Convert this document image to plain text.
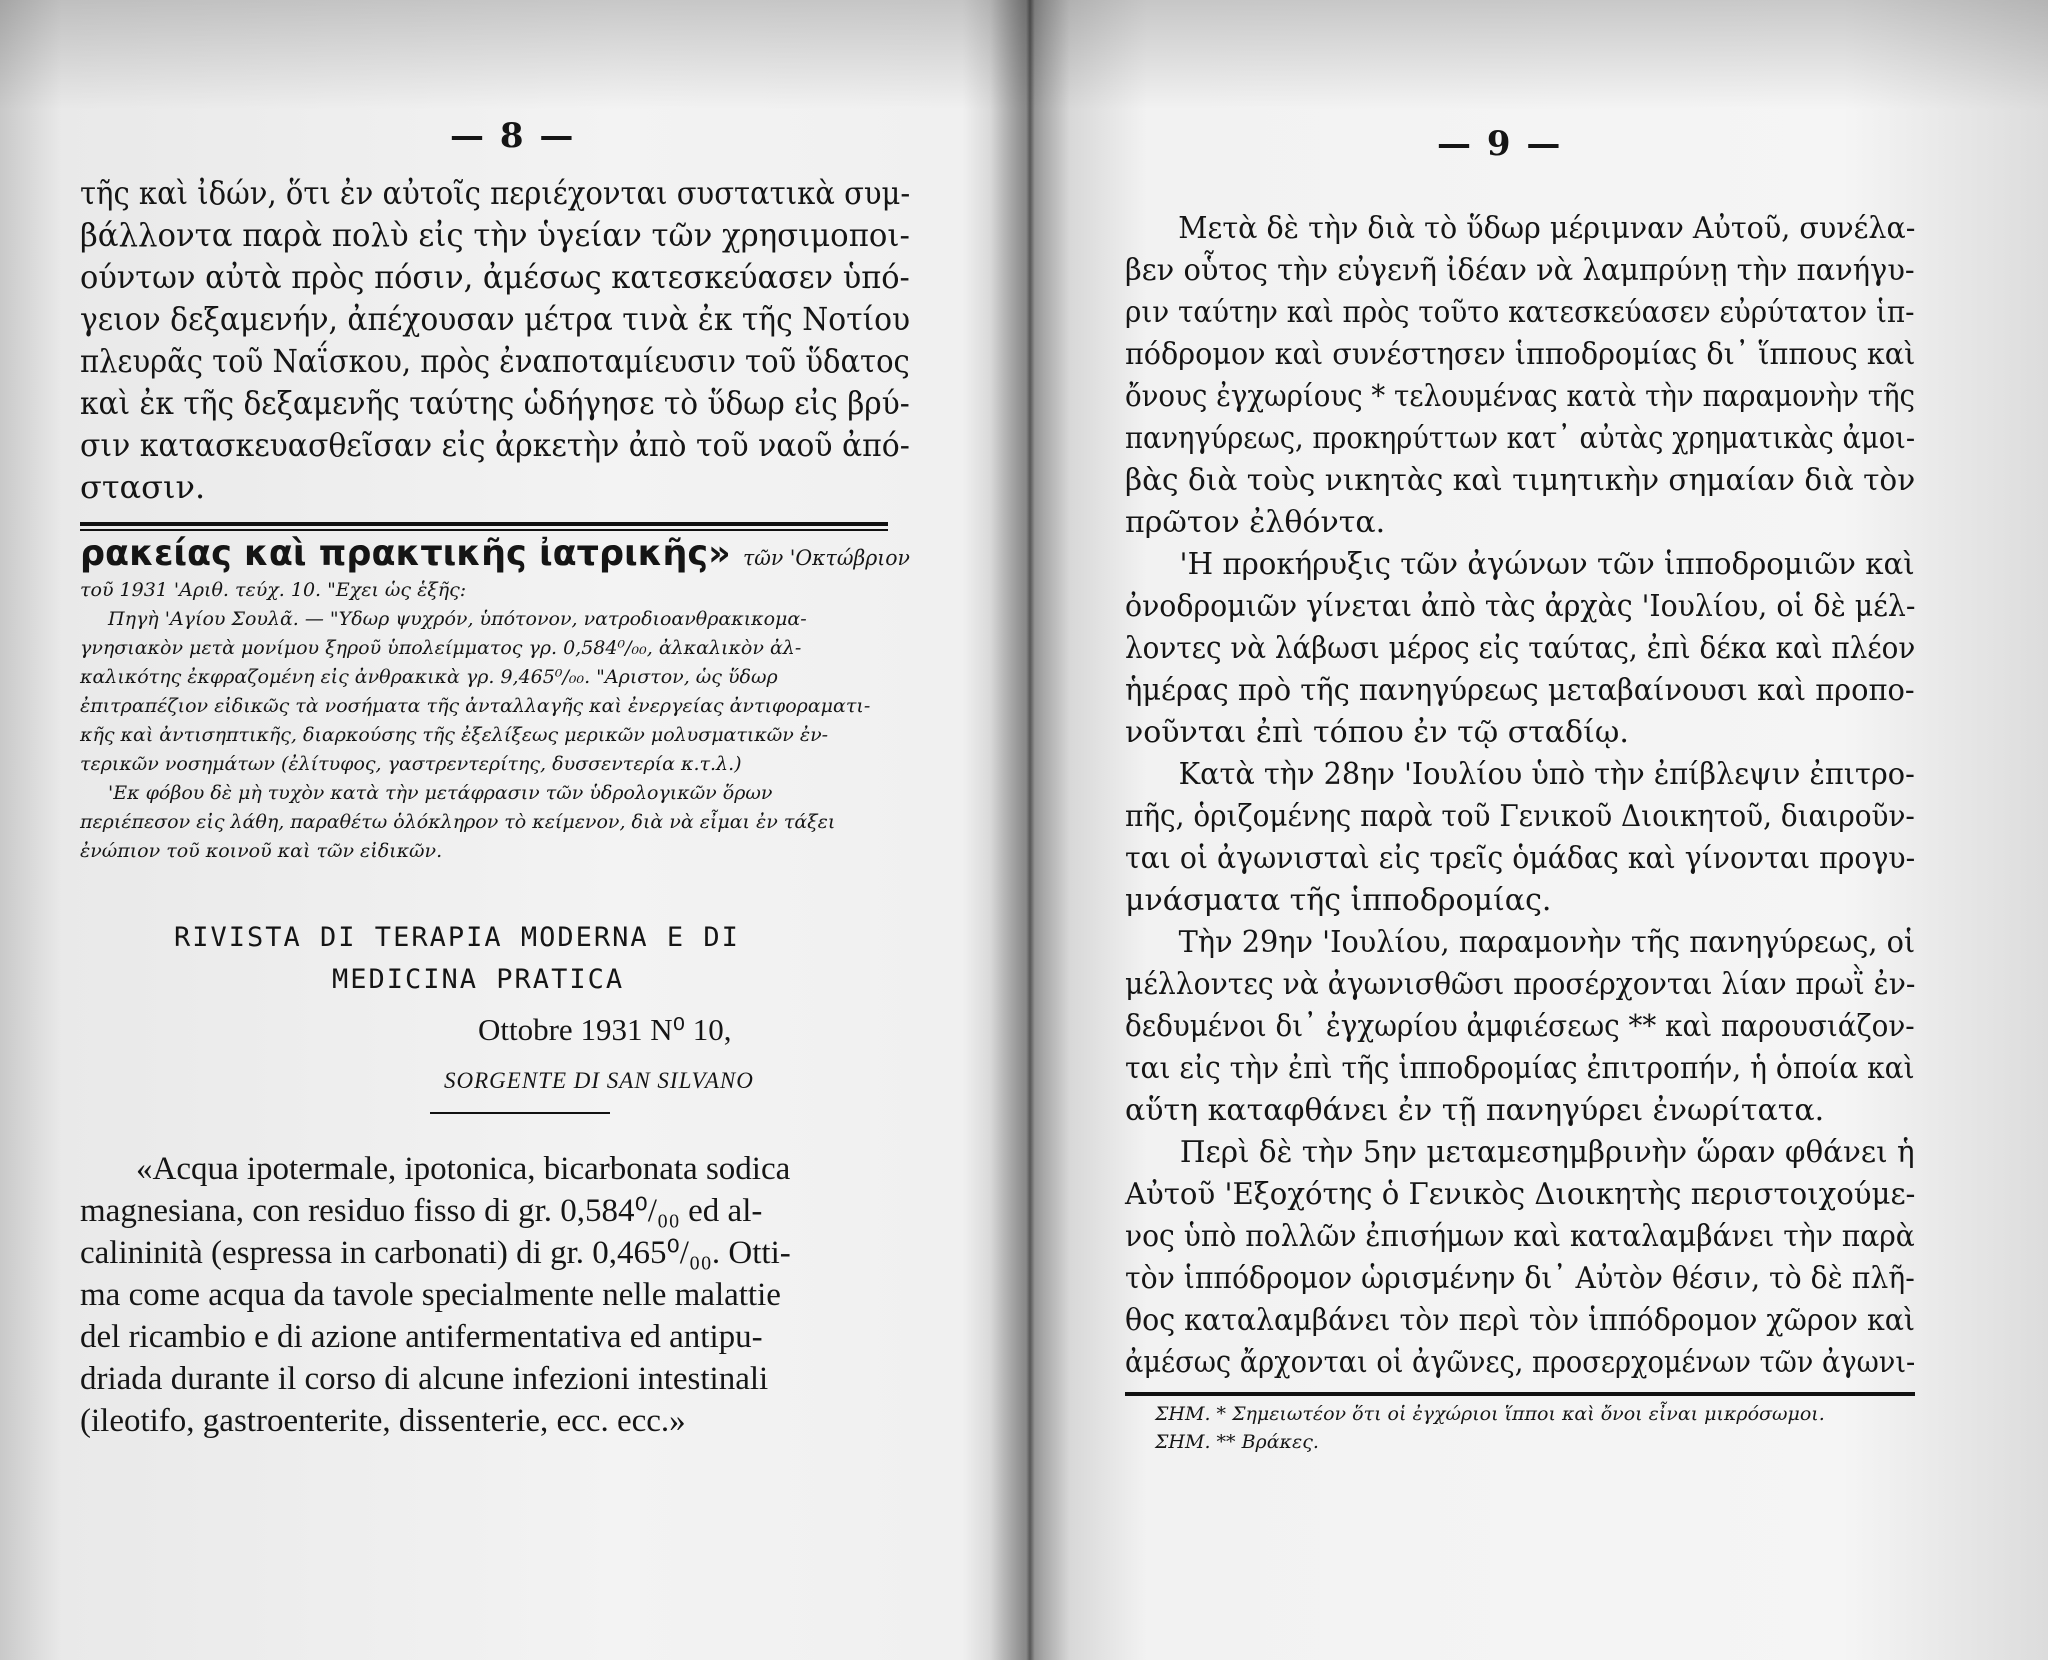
— 8 —
τῆς καὶ ἰδών, ὅτι ἐν αὐτοῖς περιέχονται συστατικὰ συμ-
βάλλοντα παρὰ πολὺ εἰς τὴν ὑγείαν τῶν χρησιμοποι-
ούντων αὐτὰ πρὸς πόσιν, ἀμέσως κατεσκεύασεν ὑπό-
γειον δεξαμενήν, ἀπέχουσαν μέτρα τινὰ ἐκ τῆς Νοτίου
πλευρᾶς τοῦ Ναΐσκου, πρὸς ἐναποταμίευσιν τοῦ ὕδατος
καὶ ἐκ τῆς δεξαμενῆς ταύτης ὡδήγησε τὸ ὕδωρ εἰς βρύ-
σιν κατασκευασθεῖσαν εἰς ἀρκετὴν ἀπὸ τοῦ ναοῦ ἀπό-
στασιν.
ρακείας καὶ πρακτικῆς ἰατρικῆς» τῶν 'Οκτώβριον
τοῦ 1931 'Αριθ. τεύχ. 10. "Εχει ὡς ἑξῆς:
Πηγὴ 'Αγίου Σουλᾶ. — "Υδωρ ψυχρόν, ὑπότονον, νατροδιοανθρακικομα-
γνησιακὸν μετὰ μονίμου ξηροῦ ὑπολείμματος γρ. 0,584⁰/₀₀, ἀλκαλικὸν ἀλ-
καλικότης ἐκφραζομένη εἰς ἀνθρακικὰ γρ. 9,465⁰/₀₀. "Αριστον, ὡς ὕδωρ
ἐπιτραπέζιον εἰδικῶς τὰ νοσήματα τῆς ἀνταλλαγῆς καὶ ἐνεργείας ἀντιφοραματι-
κῆς καὶ ἀντισηπτικῆς, διαρκούσης τῆς ἐξελίξεως μερικῶν μολυσματικῶν ἐν-
τερικῶν νοσημάτων (ἐλίτυφος, γαστρεντερίτης, δυσσεντερία κ.τ.λ.)
'Εκ φόβου δὲ μὴ τυχὸν κατὰ τὴν μετάφρασιν τῶν ὑδρολογικῶν ὅρων
περιέπεσον εἰς λάθη, παραθέτω ὁλόκληρον τὸ κείμενον, διὰ νὰ εἶμαι ἐν τάξει
ἐνώπιον τοῦ κοινοῦ καὶ τῶν εἰδικῶν.
RIVISTA DI TERAPIA MODERNA E DI
MEDICINA PRATICA
Ottobre 1931 N⁰ 10,
SORGENTE DI SAN SILVANO
«Acqua ipotermale, ipotonica, bicarbonata sodica
magnesiana, con residuo fisso di gr. 0,584⁰/₀₀ ed al-
calininità (espressa in carbonati) di gr. 0,465⁰/₀₀. Otti-
ma come acqua da tavole specialmente nelle malattie
del ricambio e di azione antifermentativa ed antipu-
driada durante il corso di alcune infezioni intestinali
(ileotifo, gastroenterite, dissenterie, ecc. ecc.»
— 9 —
Μετὰ δὲ τὴν διὰ τὸ ὕδωρ μέριμναν Αὐτοῦ, συνέλα-
βεν οὗτος τὴν εὐγενῆ ἰδέαν νὰ λαμπρύνῃ τὴν πανήγυ-
ριν ταύτην καὶ πρὸς τοῦτο κατεσκεύασεν εὐρύτατον ἱπ-
πόδρομον καὶ συνέστησεν ἱπποδρομίας δι᾽ ἵππους καὶ
ὄνους ἐγχωρίους * τελουμένας κατὰ τὴν παραμονὴν τῆς
πανηγύρεως, προκηρύττων κατ᾽ αὐτὰς χρηματικὰς ἀμοι-
βὰς διὰ τοὺς νικητὰς καὶ τιμητικὴν σημαίαν διὰ τὸν
πρῶτον ἐλθόντα.
'Η προκήρυξις τῶν ἀγώνων τῶν ἱπποδρομιῶν καὶ
ὀνοδρομιῶν γίνεται ἀπὸ τὰς ἀρχὰς 'Ιουλίου, οἱ δὲ μέλ-
λοντες νὰ λάβωσι μέρος εἰς ταύτας, ἐπὶ δέκα καὶ πλέον
ἡμέρας πρὸ τῆς πανηγύρεως μεταβαίνουσι καὶ προπο-
νοῦνται ἐπὶ τόπου ἐν τῷ σταδίῳ.
Κατὰ τὴν 28ην 'Ιουλίου ὑπὸ τὴν ἐπίβλεψιν ἐπιτρο-
πῆς, ὁριζομένης παρὰ τοῦ Γενικοῦ Διοικητοῦ, διαιροῦν-
ται οἱ ἀγωνισταὶ εἰς τρεῖς ὁμάδας καὶ γίνονται προγυ-
μνάσματα τῆς ἱπποδρομίας.
Τὴν 29ην 'Ιουλίου, παραμονὴν τῆς πανηγύρεως, οἱ
μέλλοντες νὰ ἀγωνισθῶσι προσέρχονται λίαν πρωῒ ἐν-
δεδυμένοι δι᾽ ἐγχωρίου ἀμφιέσεως ** καὶ παρουσιάζον-
ται εἰς τὴν ἐπὶ τῆς ἱπποδρομίας ἐπιτροπήν, ἡ ὁποία καὶ
αὕτη καταφθάνει ἐν τῇ πανηγύρει ἐνωρίτατα.
Περὶ δὲ τὴν 5ην μεταμεσημβρινὴν ὥραν φθάνει ἡ
Αὐτοῦ 'Εξοχότης ὁ Γενικὸς Διοικητὴς περιστοιχούμε-
νος ὑπὸ πολλῶν ἐπισήμων καὶ καταλαμβάνει τὴν παρὰ
τὸν ἱππόδρομον ὡρισμένην δι᾽ Αὐτὸν θέσιν, τὸ δὲ πλῆ-
θος καταλαμβάνει τὸν περὶ τὸν ἱππόδρομον χῶρον καὶ
ἀμέσως ἄρχονται οἱ ἀγῶνες, προσερχομένων τῶν ἀγωνι-
ΣΗΜ. * Σημειωτέον ὅτι οἱ ἐγχώριοι ἵπποι καὶ ὄνοι εἶναι μικρόσωμοι.
ΣΗΜ. ** Βράκες.
